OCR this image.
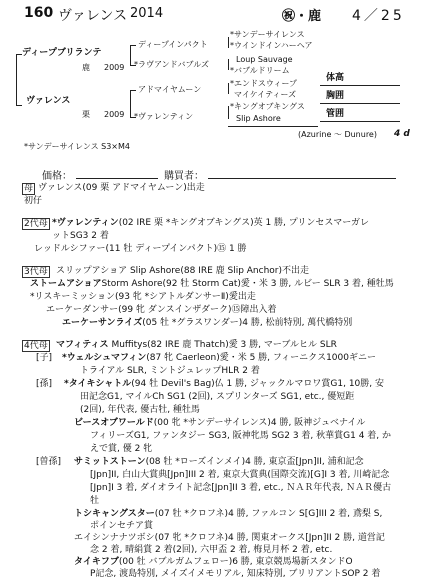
160 ヴァレンス 2014	㊗・鹿 4／25
ディープブリランテ
鹿 2009
ヴァレンス
栗 2009
ディープインパクト
*ラヴアンドバブルズ
アドマイヤムーン
*ヴァレンティン
*サンデーサイレンス
*ウインドインハーヘア
Loup Sauvage
*バブルドリーム
*エンドスウィープ
マイケイティーズ
*キングオブキングス
Slip Ashore
体高
胸囲
管囲
(Azurine ～ Dunure) 4 d
*サンデーサイレンス S3×M4
価格：	購買者：
母 ヴァレンス(09 栗 アドマイヤムーン)出走
初仔
2代母 *ヴァレンティン(02 IRE 栗 *キングオブキングス)英 1 勝, プリンセスマーガレ
ットSG3 2 着
レッドルシファー(11 牡 ディープインパクト)⑮ 1 勝
3代母 スリップアショア Slip Ashore(88 IRE 鹿 Slip Anchor)不出走
ストームアショアStorm Ashore(92 牡 Storm Cat)愛・米 3 勝, ルビー SLR 3 着, 種牡馬
*リスキーミッション(93 牝 *シアトルダンサーⅡ)愛出走
エーケーダンサー(99 牝 ダンスインザダーク)⑮障出入着
エーケーサンライズ(05 牡 *グラスワンダー)4 勝, 松前特別, 萬代橋特別
4代母 マフィティス Muffitys(82 IRE 鹿 Thatch)愛 3 勝, マーブルヒル SLR
[子] *ウェルシュマフィン(87 牝 Caerleon)愛・米 5 勝, フィーニクス1000ギニー
トライアル SLR, ミントジュレップHLR 2 着
[孫] *タイキシャトル(94 牡 Devil's Bag)仏 1 勝, ジャックルマロワ賞G1, 10勝, 安
田記念G1, マイルCh SG1 (2回), スプリンターズ SG1, etc., 優短距
(2回), 年代表, 優古牡, 種牡馬
ビースオブワールド(00 牝 *サンデーサイレンス)4 勝, 阪神ジュベナイル
フィリーズG1, ファンタジー SG3, 阪神牝馬 SG2 3 着, 秋華賞G1 4 着, か
えで賞, 優 2 牝
[曽孫] サミットストーン(08 牡 *ローズインメイ)4 勝, 東京盃[Jpn]II, 浦和記念
[Jpn]II, 白山大賞典[Jpn]III 2 着, 東京大賞典(国際交流)[G]I 3 着, 川崎記念
[Jpn]I 3 着, ダイオライト記念[Jpn]II 3 着, etc., ＮＡＲ年代表, ＮＡＲ優古
牡
トシキャングスター(07 牡 *クロフネ)4 勝, ファルコン S[G]III 2 着, 鳶梨 S,
ポインセチア賞
エイシンナナツボシ(07 牝 *クロフネ)4 勝, 関東オークス[Jpn]II 2 勝, 道営記
念 2 着, 晴絹賞 2 着(2回), 六甲盃 2 着, 梅見月杯 2 着, etc.
タイキフブ(00 牡 バブルガムフェロー)6 勝, 東京競馬場新スタンドO
P記念, 渡島特別, メイズイメモリアル, 知床特別, ブリリアントSOP 2 着
